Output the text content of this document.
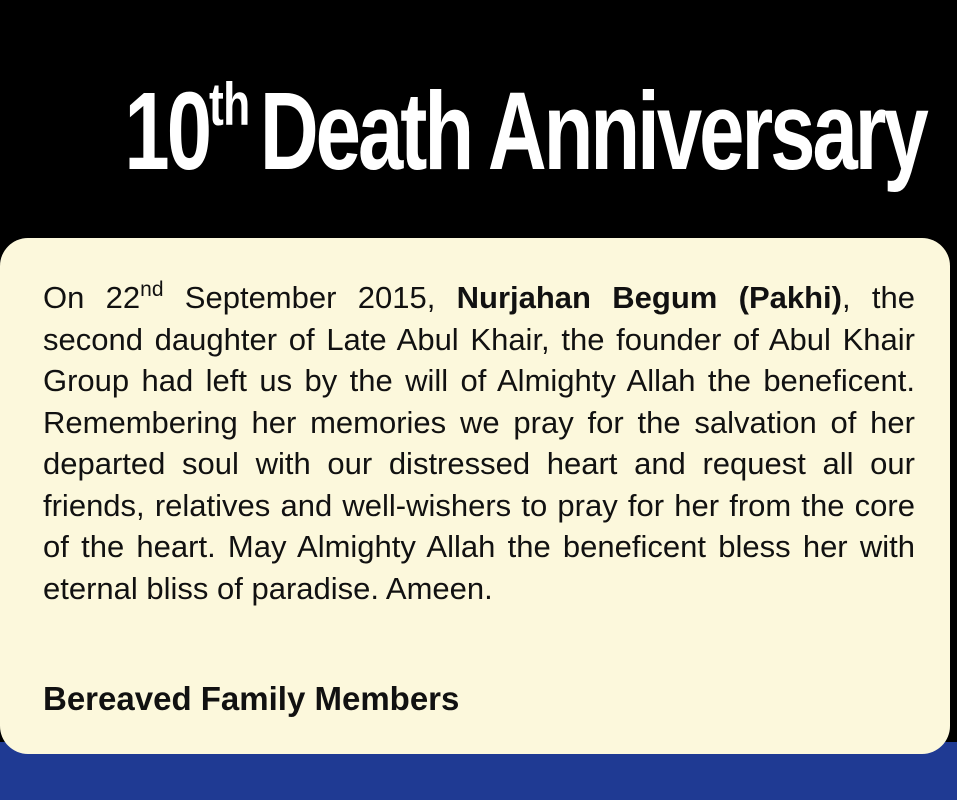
10thDeath Anniversary

On 22nd September 2015, Nurjahan Begum (Pakhi), the second daughter of Late Abul Khair, the founder of Abul Khair Group had left us by the will of Almighty Allah the beneficent. Remembering her memories we pray for the salvation of her departed soul with our distressed heart and request all our friends, relatives and well-wishers to pray for her from the core of the heart. May Almighty Allah the beneficent bless her with eternal bliss of paradise. Ameen.

Bereaved Family Members
